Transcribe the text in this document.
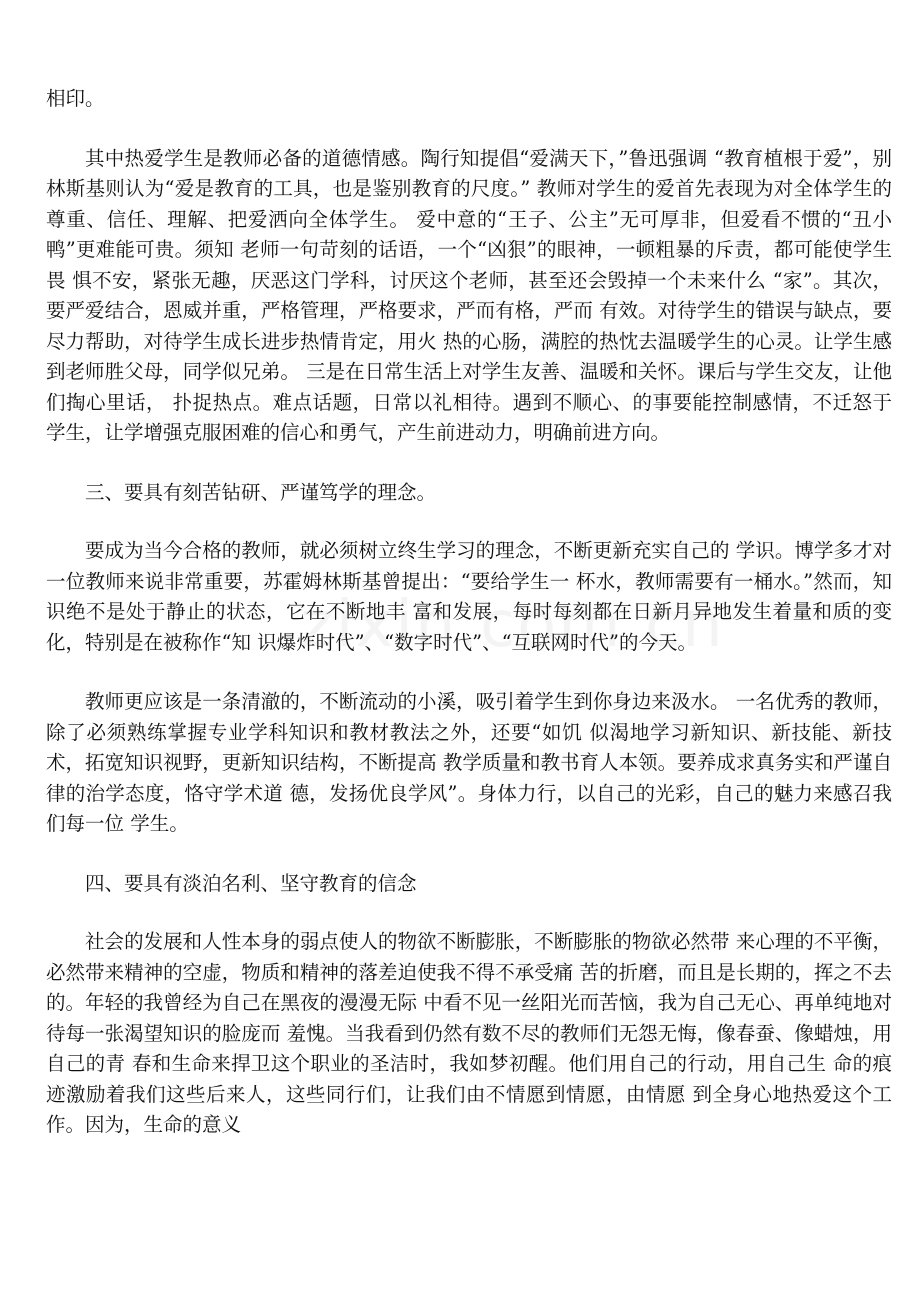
相印。

其中热爱学生是教师必备的道德情感。陶行知提倡“爱满天下，”鲁迅强调 “教育植根于爱”，别林斯基则认为“爱是教育的工具，也是鉴别教育的尺度。” 教师对学生的爱首先表现为对全体学生的尊重、信任、理解、把爱洒向全体学生。 爱中意的“王子、公主”无可厚非，但爱看不惯的“丑小鸭”更难能可贵。须知 老师一句苛刻的话语，一个“凶狠”的眼神，一顿粗暴的斥责，都可能使学生畏 惧不安，紧张无趣，厌恶这门学科，讨厌这个老师，甚至还会毁掉一个未来什么 “家”。其次，要严爱结合，恩威并重，严格管理，严格要求，严而有格，严而 有效。对待学生的错误与缺点，要尽力帮助，对待学生成长进步热情肯定，用火 热的心肠，满腔的热忱去温暖学生的心灵。让学生感到老师胜父母，同学似兄弟。 三是在日常生活上对学生友善、温暖和关怀。课后与学生交友，让他们掏心里话， 扑捉热点。难点话题，日常以礼相待。遇到不顺心、的事要能控制感情，不迁怒于 学生，让学增强克服困难的信心和勇气，产生前进动力，明确前进方向。

三、要具有刻苦钻研、严谨笃学的理念。

要成为当今合格的教师，就必须树立终生学习的理念，不断更新充实自己的 学识。博学多才对一位教师来说非常重要，苏霍姆林斯基曾提出：“要给学生一 杯水，教师需要有一桶水。”然而，知识绝不是处于静止的状态，它在不断地丰 富和发展，每时每刻都在日新月异地发生着量和质的变化，特别是在被称作“知 识爆炸时代”、“数字时代”、“互联网时代”的今天。

教师更应该是一条清澈的，不断流动的小溪，吸引着学生到你身边来汲水。 一名优秀的教师，除了必须熟练掌握专业学科知识和教材教法之外，还要“如饥 似渴地学习新知识、新技能、新技术，拓宽知识视野，更新知识结构，不断提高 教学质量和教书育人本领。要养成求真务实和严谨自律的治学态度，恪守学术道 德，发扬优良学风”。身体力行，以自己的光彩，自己的魅力来感召我们每一位 学生。

四、要具有淡泊名利、坚守教育的信念

社会的发展和人性本身的弱点使人的物欲不断膨胀，不断膨胀的物欲必然带 来心理的不平衡，必然带来精神的空虚，物质和精神的落差迫使我不得不承受痛 苦的折磨，而且是长期的，挥之不去的。年轻的我曾经为自己在黑夜的漫漫无际 中看不见一丝阳光而苦恼，我为自己无心、再单纯地对待每一张渴望知识的脸庞而 羞愧。当我看到仍然有数不尽的教师们无怨无悔，像春蚕、像蜡烛，用自己的青 春和生命来捍卫这个职业的圣洁时，我如梦初醒。他们用自己的行动，用自己生 命的痕迹激励着我们这些后来人，这些同行们，让我们由不情愿到情愿，由情愿 到全身心地热爱这个工作。因为，生命的意义
